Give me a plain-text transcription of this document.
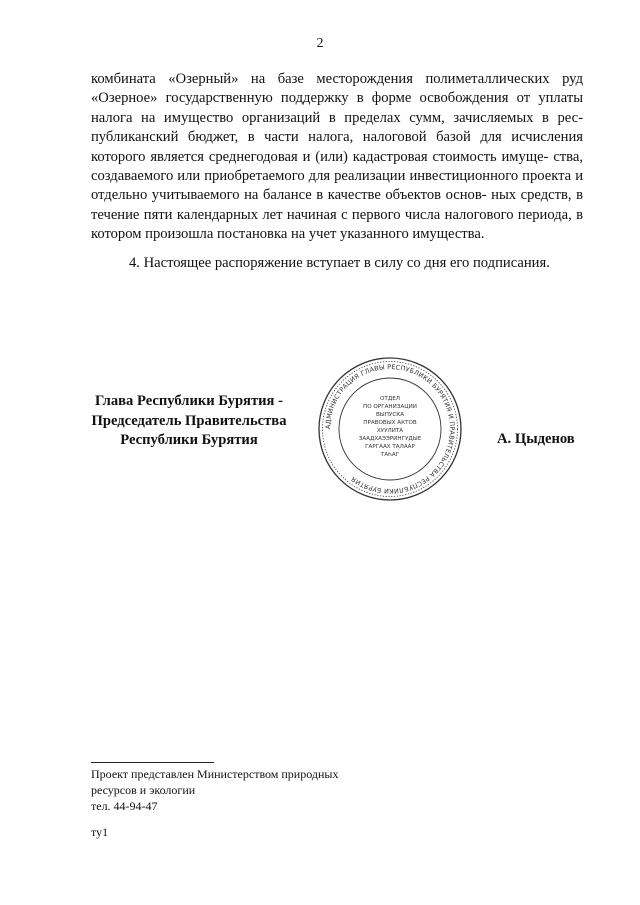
2

комбината «Озерный» на базе месторождения полиметаллических руд «Озерное» государственную поддержку в форме освобождения от уплаты налога на имущество организаций в пределах сумм, зачисляемых в рес- публиканский бюджет, в части налога, налоговой базой для исчисления которого является среднегодовая и (или) кадастровая стоимость имуще- ства, создаваемого или приобретаемого для реализации инвестиционного проекта и отдельно учитываемого на балансе в качестве объектов основ- ных средств, в течение пяти календарных лет начиная с первого числа налогового периода, в котором произошла постановка на учет указанного имущества.

4. Настоящее распоряжение вступает в силу со дня его подписания.

Глава Республики Бурятия -
Председатель Правительства
Республики Бурятия
АДМИНИСТРАЦИЯ ГЛАВЫ РЕСПУБЛИКИ БУРЯТИЯ И ПРАВИТЕЛЬСТВА РЕСПУБЛИКИ БУРЯТИЯ
ОТДЕЛ
ПО ОРГАНИЗАЦИИ
ВЫПУСКА
ПРАВОВЫХ АКТОВ
ХУУЛИТА
ЗААДХАЭЭРИНГУДЫЕ
ГАРГААХ ТАЛААР
ТАҺАГ
А. Цыденов
Проект представлен Министерством природных
ресурсов и экологии
тел. 44-94-47
ту1
